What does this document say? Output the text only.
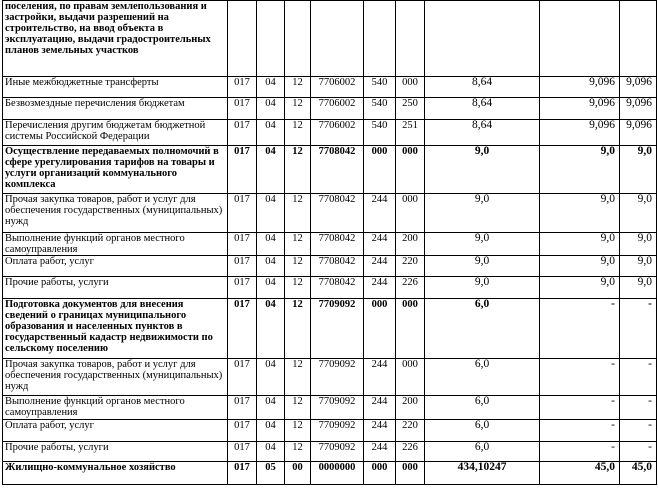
поселения, по правам землепользования и застройки, выдачи разрешений на строительство, на ввод объекта в эксплуатацию, выдачи градостроительных планов земельных участков									
Иные межбюджетные трансферты	017	04	12	7706002	540	000	8,64	9,096	9,096
Безвозмездные перечисления бюджетам	017	04	12	7706002	540	250	8,64	9,096	9,096
Перечисления другим бюджетам бюджетной системы Российской Федерации	017	04	12	7706002	540	251	8,64	9,096	9,096
Осуществление передаваемых полномочий в сфере урегулирования тарифов на товары и услуги организаций коммунального комплекса	017	04	12	7708042	000	000	9,0	9,0	9,0
Прочая закупка товаров, работ и услуг для обеспечения государственных (муниципальных) нужд	017	04	12	7708042	244	000	9,0	9,0	9,0
Выполнение функций органов местного самоуправления	017	04	12	7708042	244	200	9,0	9,0	9,0
Оплата работ, услуг	017	04	12	7708042	244	220	9,0	9,0	9,0
Прочие работы, услуги	017	04	12	7708042	244	226	9,0	9,0	9,0
Подготовка документов для внесения сведений о границах муниципального образования и населенных пунктов в государственный кадастр недвижимости по сельскому поселению	017	04	12	7709092	000	000	6,0	-	-
Прочая закупка товаров, работ и услуг для обеспечения государственных (муниципальных) нужд	017	04	12	7709092	244	000	6,0	-	-
Выполнение функций органов местного самоуправления	017	04	12	7709092	244	200	6,0	-	-
Оплата работ, услуг	017	04	12	7709092	244	220	6,0	-	-
Прочие работы, услуги	017	04	12	7709092	244	226	6,0	-	-
Жилищно-коммунальное хозяйство	017	05	00	0000000	000	000	434,10247	45,0	45,0
